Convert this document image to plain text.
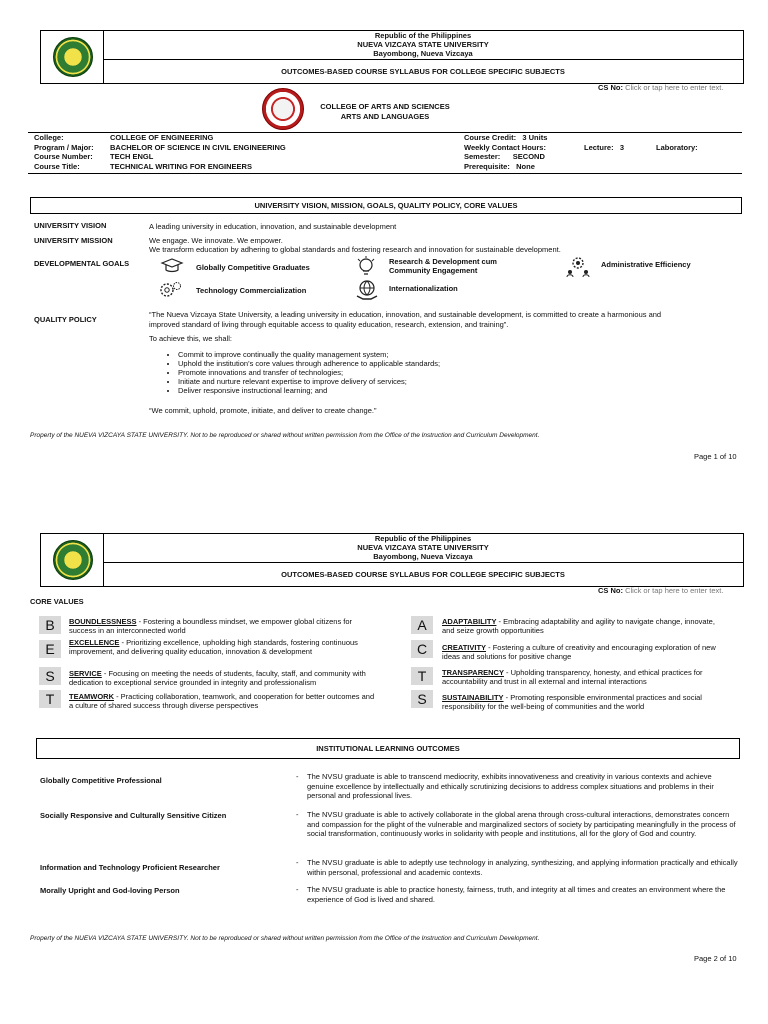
Republic of the Philippines
NUEVA VIZCAYA STATE UNIVERSITY
Bayombong, Nueva Vizcaya
OUTCOMES-BASED COURSE SYLLABUS FOR COLLEGE SPECIFIC SUBJECTS
CS No: Click or tap here to enter text.
COLLEGE OF ARTS AND SCIENCES
ARTS AND LANGUAGES
College:	COLLEGE OF ENGINEERING
Program / Major: BACHELOR OF SCIENCE IN CIVIL ENGINEERING
Course Number: TECH ENGL
Course Title:	TECHNICAL WRITING FOR ENGINEERS
Course Credit: 3 Units
Weekly Contact Hours:	Lecture: 3	Laboratory:
Semester: SECOND
Prerequisite: None
UNIVERSITY VISION, MISSION, GOALS, QUALITY POLICY, CORE VALUES
UNIVERSITY VISION	A leading university in education, innovation, and sustainable development
UNIVERSITY MISSION	We engage. We innovate. We empower.
We transform education by adhering to global standards and fostering research and innovation for sustainable development.
DEVELOPMENTAL GOALS	Globally Competitive Graduates
Research & Development cum
Community Engagement
Administrative Efficiency
Technology Commercialization	Internationalization
QUALITY POLICY
“The Nueva Vizcaya State University, a leading university in education, innovation, and sustainable development, is committed to create a harmonious and
improved standard of living through equitable access to quality education, research, extension, and training”.
To achieve this, we shall:
• Commit to improve continually the quality management system;
• Uphold the institution’s core values through adherence to applicable standards;
• Promote innovations and transfer of technologies;
• Initiate and nurture relevant expertise to improve delivery of services;
• Deliver responsive instructional learning; and
“We commit, uphold, promote, initiate, and deliver to create change.”
Property of the NUEVA VIZCAYA STATE UNIVERSITY. Not to be reproduced or shared without written permission from the Office of the Instruction and Curriculum Development.
Page 1 of 10
Republic of the Philippines
NUEVA VIZCAYA STATE UNIVERSITY
Bayombong, Nueva Vizcaya
OUTCOMES-BASED COURSE SYLLABUS FOR COLLEGE SPECIFIC SUBJECTS
CS No: Click or tap here to enter text.
CORE VALUES
B	BOUNDLESSNESS - Fostering a boundless mindset, we empower global citizens for success in an interconnected world
E	EXCELLENCE - Prioritizing excellence, upholding high standards, fostering continuous improvement, and delivering quality education, innovation & development
S	SERVICE - Focusing on meeting the needs of students, faculty, staff, and community with dedication to exceptional service grounded in integrity and professionalism
T	TEAMWORK - Practicing collaboration, teamwork, and cooperation for better outcomes and a culture of shared success through diverse perspectives
A	ADAPTABILITY - Embracing adaptability and agility to navigate change, innovate, and seize growth opportunities
C	CREATIVITY - Fostering a culture of creativity and encouraging exploration of new ideas and solutions for positive change
T	TRANSPARENCY - Upholding transparency, honesty, and ethical practices for accountability and trust in all external and internal interactions
S	SUSTAINABILITY - Promoting responsible environmental practices and social responsibility for the well-being of communities and the world
INSTITUTIONAL LEARNING OUTCOMES
Globally Competitive Professional	- The NVSU graduate is able to transcend mediocrity, exhibits innovativeness and creativity in various contexts and achieve genuine excellence by intellectually and ethically scrutinizing decisions to address complex situations and problems in their personal and professional lives.
Socially Responsive and Culturally Sensitive Citizen	- The NVSU graduate is able to actively collaborate in the global arena through cross-cultural interactions, demonstrates concern and compassion for the plight of the vulnerable and marginalized sectors of society by participating meaningfully in the process of social transformation, continuously works in solidarity with people and institutions, all for the glory of God and country.
Information and Technology Proficient Researcher
- The NVSU graduate is able to adeptly use technology in analyzing, synthesizing, and applying information practically and ethically within personal, professional and academic contexts.
Morally Upright and God-loving Person	- The NVSU graduate is able to practice honesty, fairness, truth, and integrity at all times and creates an environment where the experience of God is lived and shared.
Property of the NUEVA VIZCAYA STATE UNIVERSITY. Not to be reproduced or shared without written permission from the Office of the Instruction and Curriculum Development.
Page 2 of 10
